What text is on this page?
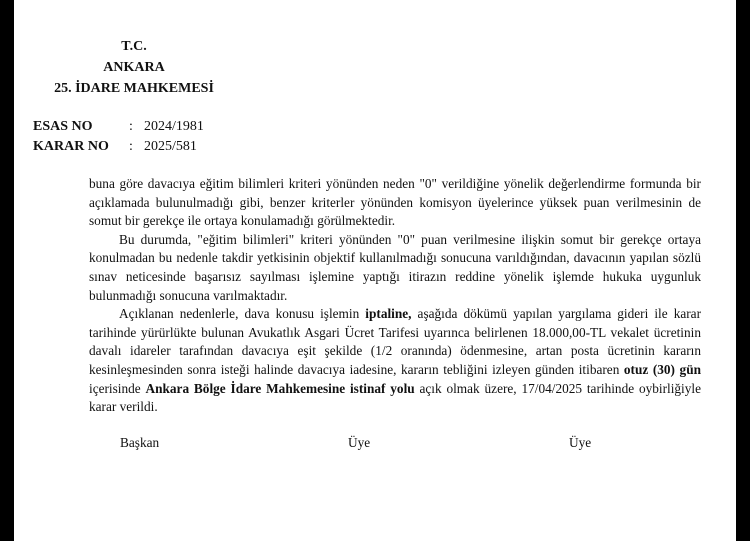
T.C.
ANKARA
25. İDARE MAHKEMESİ
ESAS NO	: 2024/1981
KARAR NO	: 2025/581

buna göre davacıya eğitim bilimleri kriteri yönünden neden "0" verildiğine yönelik değerlendirme formunda bir açıklamada bulunulmadığı gibi, benzer kriterler yönünden komisyon üyelerince yüksek puan verilmesinin de somut bir gerekçe ile ortaya konulamadığı görülmektedir.

Bu durumda, "eğitim bilimleri" kriteri yönünden "0" puan verilmesine ilişkin somut bir gerekçe ortaya konulmadan bu nedenle takdir yetkisinin objektif kullanılmadığı sonucuna varıldığından, davacının yapılan sözlü sınav neticesinde başarısız sayılması işlemine yaptığı itirazın reddine yönelik işlemde hukuka uygunluk bulunmadığı sonucuna varılmaktadır.

Açıklanan nedenlerle, dava konusu işlemin iptaline, aşağıda dökümü yapılan yargılama gideri ile karar tarihinde yürürlükte bulunan Avukatlık Asgari Ücret Tarifesi uyarınca belirlenen 18.000,00-TL vekalet ücretinin davalı idareler tarafından davacıya eşit şekilde (1/2 oranında) ödenmesine, artan posta ücretinin kararın kesinleşmesinden sonra isteği halinde davacıya iadesine, kararın tebliğini izleyen günden itibaren otuz (30) gün içerisinde Ankara Bölge İdare Mahkemesine istinaf yolu açık olmak üzere, 17/04/2025 tarihinde oybirliğiyle karar verildi.

Başkan	Üye	Üye
